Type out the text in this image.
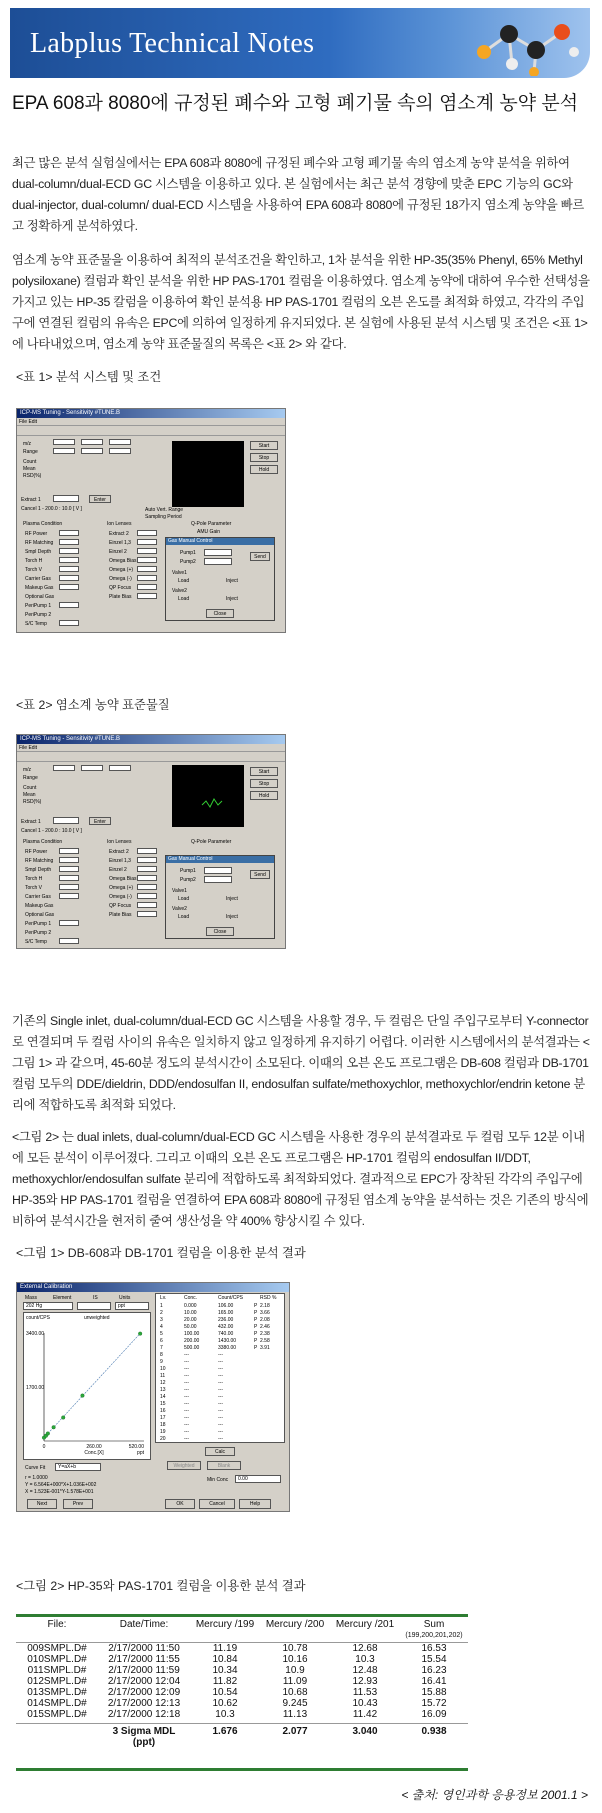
Labplus Technical Notes
EPA 608과 8080에 규정된 폐수와 고형 폐기물 속의 염소계 농약 분석
최근 많은 분석 실험실에서는 EPA 608과 8080에 규정된 폐수와 고형 폐기물 속의 염소계 농약 분석을 위하여 dual-column/dual-ECD GC 시스템을 이용하고 있다. 본 실험에서는 최근 분석 경향에 맞춘 EPC 기능의 GC와 dual-injector, dual-column/ dual-ECD 시스템을 사용하여 EPA 608과 8080에 규정된 18가지 염소계 농약을 빠르고 정확하게 분석하였다.
염소계 농약 표준물을 이용하여 최적의 분석조건을 확인하고, 1차 분석을 위한 HP-35(35% Phenyl, 65% Methyl polysiloxane) 컬럼과 확인 분석을 위한 HP PAS-1701 컬럼을 이용하였다. 염소계 농약에 대하여 우수한 선택성을 가지고 있는 HP-35 칼럼을 이용하여 확인 분석용 HP PAS-1701 컬럼의 오븐 온도를 최적화 하였고, 각각의 주입구에 연결된 컬럼의 유속은 EPC에 의하여 일정하게 유지되었다. 본 실험에 사용된 분석 시스템 및 조건은 <표 1> 에 나타내었으며, 염소계 농약 표준물질의 목록은 <표 2> 와 같다.
<표 1> 분석 시스템 및 조건
ICP-MS Tuning - Sensitivity #TUNE.B
File Edit
m/z
Range
Count
Mean
RSD(%)
Start
Stop
Hold
Extract 1	Enter
Cancel 1 - 200.0 : 10.0 [ V ]	Auto Vert. Range
Sampling Period
Plasma Condition	Ion Lenses	Q-Pole Parameter
RF Power
RF Matching
Smpl Depth
Torch H
Torch V
Carrier Gas
Makeup Gas
Optional Gas
PeriPump 1
PeriPump 2
S/C Temp
Extract 2
Einzel 1,3
Einzel 2
Omega Bias
Omega (+)
Omega (-)
QP Focus
Plate Bias
AMU Gain
Gas Manual Control
Pump1
Pump2
Send
Valve1
Load	Inject
Valve2
Load	Inject
Close
<표 2> 염소계 농약 표준물질
ICP-MS Tuning - Sensitivity #TUNE.B
File Edit
m/z
Range
Count
Mean
RSD(%)
Start
Stop
Hold
Extract 1	Enter
Cancel 1 - 200.0 : 10.0 [ V ]
Plasma Condition	Ion Lenses	Q-Pole Parameter
RF Power
RF Matching
Smpl Depth
Torch H
Torch V
Carrier Gas
Makeup Gas
Optional Gas
PeriPump 1
PeriPump 2
S/C Temp
Extract 2
Einzel 1,3
Einzel 2
Omega Bias
Omega (+)
Omega (-)
QP Focus
Plate Bias
Gas Manual Control
Pump1
Pump2
Send
Valve1
Load	Inject
Valve2
Load	Inject
Close
기존의 Single inlet, dual-column/dual-ECD GC 시스템을 사용할 경우, 두 컬럼은 단일 주입구로부터 Y-connector로 연결되며 두 컬럼 사이의 유속은 일치하지 않고 일정하게 유지하기 어렵다. 이러한 시스템에서의 분석결과는 <그림 1> 과 같으며, 45-60분 정도의 분석시간이 소모된다. 이때의 오븐 온도 프로그램은 DB-608 컬럼과 DB-1701 컬럼 모두의 DDE/dieldrin, DDD/endosulfan II, endosulfan sulfate/methoxychlor, methoxychlor/endrin ketone 분리에 적합하도록 최적화 되었다.
<그림 2> 는 dual inlets, dual-column/dual-ECD GC 시스템을 사용한 경우의 분석결과로 두 컬럼 모두 12분 이내에 모든 분석이 이루어졌다. 그리고 이때의 오븐 온도 프로그램은 HP-1701 컬럼의 endosulfan II/DDT, methoxychlor/endosulfan sulfate 분리에 적합하도록 최적화되었다. 결과적으로 EPC가 장착된 각각의 주입구에 HP-35와 HP PAS-1701 컬럼을 연결하여 EPA 608과 8080에 규정된 염소계 농약을 분석하는 것은 기존의 방식에 비하여 분석시간을 현저히 줄여 생산성을 약 400% 향상시킬 수 있다.
<그림 1> DB-608과 DB-1701 컬럼을 이용한 분석 결과
External Calibration
Mass	Element	IS	Units
202 Hg	ppt
count/CPS	unweighted
3400.00
1700.00
0	260.00	520.00
Conc.[X]	ppt
Lv.	Conc.	Count/CPS	RSD %
1	0.000	106.00	P 2.18
2	10.00	165.00	P 3.66
3	20.00	236.00	P 2.08
4	50.00	432.00	P 2.46
5	100.00	740.00	P 2.38
6	200.00	1430.00	P 2.58
7	500.00	3380.00	P 3.91
8	---	---
9	---	---
10	---	---
11	---	---
12	---	---
13	---	---
14	---	---
15	---	---
16	---	---
17	---	---
18	---	---
19	---	---
20	---	---
Curve Fit	Y=aX+b
r = 1.0000
Y = 6.564E+000*X+1.036E+002
X = 1.523E-001*Y-1.578E+001
Calc
Weighted	Blank
Min Conc 0.00
Next	Prev	OK	Cancel	Help
<그림 2> HP-35와 PAS-1701 컬럼을 이용한 분석 결과
File:	Date/Time:	Mercury /199	Mercury /200	Mercury /201	Sum
					(199,200,201,202)
009SMPL.D#	2/17/2000 11:50	11.19	10.78	12.68	16.53
010SMPL.D#	2/17/2000 11:55	10.84	10.16	10.3	15.54
011SMPL.D#	2/17/2000 11:59	10.34	10.9	12.48	16.23
012SMPL.D#	2/17/2000 12:04	11.82	11.09	12.93	16.41
013SMPL.D#	2/17/2000 12:09	10.54	10.68	11.53	15.88
014SMPL.D#	2/17/2000 12:13	10.62	9.245	10.43	15.72
015SMPL.D#	2/17/2000 12:18	10.3	11.13	11.42	16.09
	3 Sigma MDL	1.676	2.077	3.040	0.938
	(ppt)				
< 출처: 영인과학 응용정보 2001.1 >
